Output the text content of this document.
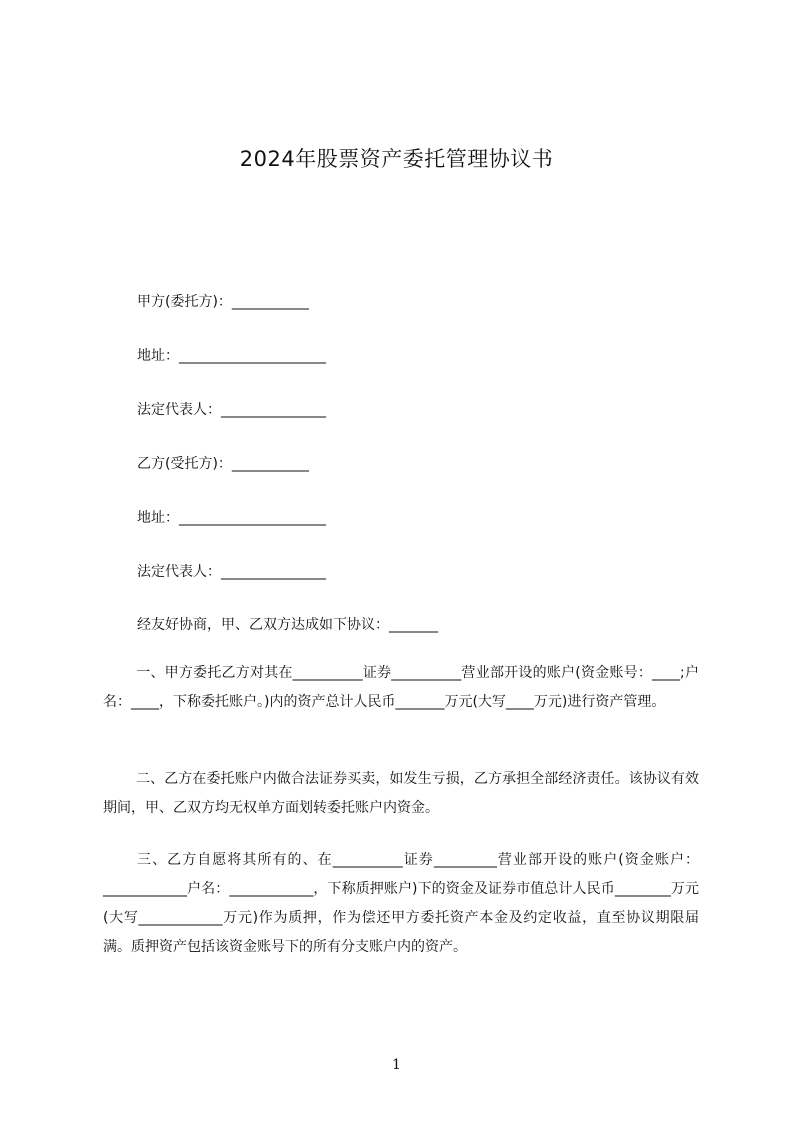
2024年股票资产委托管理协议书
甲方(委托方)：___________
地址：_____________________
法定代表人：_______________
乙方(受托方)：___________
地址：_____________________
法定代表人：_______________
经友好协商，甲、乙双方达成如下协议：_______
一、甲方委托乙方对其在__________证券__________营业部开设的账户(资金账号：____;户名：____，下称委托账户。)内的资产总计人民币_______万元(大写____万元)进行资产管理。
二、乙方在委托账户内做合法证券买卖，如发生亏损，乙方承担全部经济责任。该协议有效期间，甲、乙双方均无权单方面划转委托账户内资金。
三、乙方自愿将其所有的、在__________证券_________营业部开设的账户(资金账户：____________户名：____________，下称质押账户)下的资金及证券市值总计人民币________万元(大写____________万元)作为质押，作为偿还甲方委托资产本金及约定收益，直至协议期限届满。质押资产包括该资金账号下的所有分支账户内的资产。
1
